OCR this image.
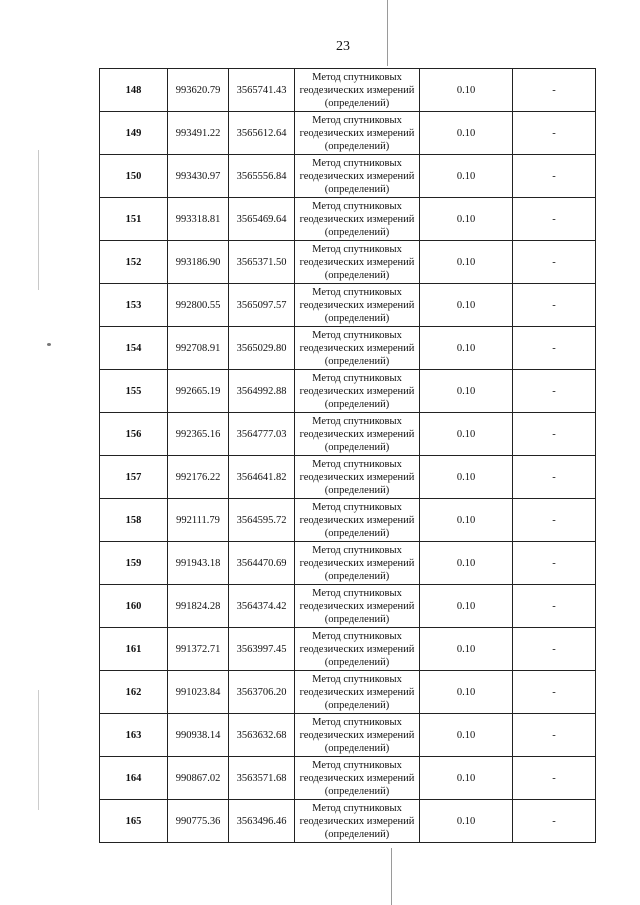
23
148	993620.79	3565741.43	Метод спутниковых
геодезических измерений
(определений)	0.10	-
149	993491.22	3565612.64	Метод спутниковых
геодезических измерений
(определений)	0.10	-
150	993430.97	3565556.84	Метод спутниковых
геодезических измерений
(определений)	0.10	-
151	993318.81	3565469.64	Метод спутниковых
геодезических измерений
(определений)	0.10	-
152	993186.90	3565371.50	Метод спутниковых
геодезических измерений
(определений)	0.10	-
153	992800.55	3565097.57	Метод спутниковых
геодезических измерений
(определений)	0.10	-
154	992708.91	3565029.80	Метод спутниковых
геодезических измерений
(определений)	0.10	-
155	992665.19	3564992.88	Метод спутниковых
геодезических измерений
(определений)	0.10	-
156	992365.16	3564777.03	Метод спутниковых
геодезических измерений
(определений)	0.10	-
157	992176.22	3564641.82	Метод спутниковых
геодезических измерений
(определений)	0.10	-
158	992111.79	3564595.72	Метод спутниковых
геодезических измерений
(определений)	0.10	-
159	991943.18	3564470.69	Метод спутниковых
геодезических измерений
(определений)	0.10	-
160	991824.28	3564374.42	Метод спутниковых
геодезических измерений
(определений)	0.10	-
161	991372.71	3563997.45	Метод спутниковых
геодезических измерений
(определений)	0.10	-
162	991023.84	3563706.20	Метод спутниковых
геодезических измерений
(определений)	0.10	-
163	990938.14	3563632.68	Метод спутниковых
геодезических измерений
(определений)	0.10	-
164	990867.02	3563571.68	Метод спутниковых
геодезических измерений
(определений)	0.10	-
165	990775.36	3563496.46	Метод спутниковых
геодезических измерений
(определений)	0.10	-
